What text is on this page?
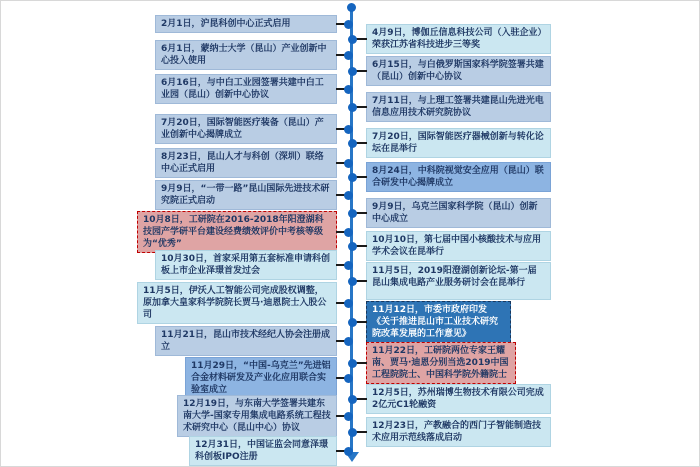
2月1日，沪昆科创中心正式启用
6月1日，蒙纳士大学（昆山）产业创新中心投入使用
6月16日，与中白工业园签署共建中白工业园（昆山）创新中心协议
7月20日，国际智能医疗装备（昆山）产业创新中心揭牌成立
8月23日，昆山人才与科创（深圳）联络中心正式启用
9月9日，“一带一路”昆山国际先进技术研究院正式启动
10月8日，工研院在2016-2018年阳澄湖科技园产学研平台建设经费绩效评价中考核等级为“优秀”
10月30日，首家采用第五套标准申请科创板上市企业泽璟首发过会
11月5日，伊沃人工智能公司完成股权调整，原加拿大皇家科学院院长贾马·迪恩院士入股公司
11月21日，昆山市技术经纪人协会注册成立
11月29日，“中国-乌克兰”先进铝合金材料研发及产业化应用联合实验室成立
12月19日，与东南大学签署共建东南大学-国家专用集成电路系统工程技术研究中心（昆山中心）协议
12月31日，中国证监会同意泽璟科创板IPO注册
4月9日，博伽丘信息科技公司（入驻企业）荣获江苏省科技进步三等奖
6月15日，与白俄罗斯国家科学院签署共建（昆山）创新中心协议
7月11日，与上理工签署共建昆山先进光电信息应用技术研究院协议
7月20日，国际智能医疗器械创新与转化论坛在昆举行
8月24日，中科院视觉安全应用（昆山）联合研发中心揭牌成立
9月9日，乌克兰国家科学院（昆山）创新中心成立
10月10日，第七届中国小核酸技术与应用学术会议在昆举行
11月5日，2019阳澄湖创新论坛-第一届昆山集成电路产业服务研讨会在昆举行
11月12日，市委市政府印发《关于推进昆山市工业技术研究院改革发展的工作意见》
11月22日，工研院两位专家王耀南、贾马·迪恩分别当选2019中国工程院院士、中国科学院外籍院士
12月5日，苏州瑞博生物技术有限公司完成2亿元C1轮融资
12月23日，产教融合的西门子智能制造技术应用示范线落成启动
